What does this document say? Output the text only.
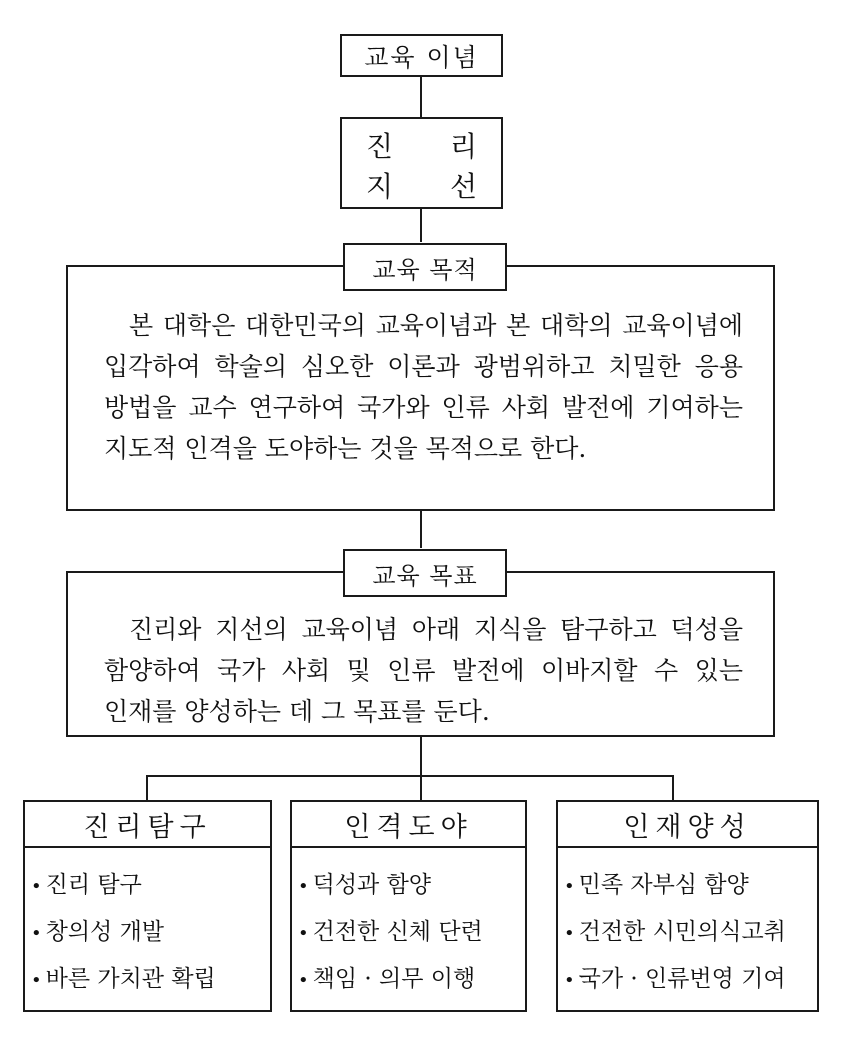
교육 이념
진	리
지	선
교육 목적
본 대학은 대한민국의 교육이념과 본 대학의 교육이념에 입각하여 학술의 심오한 이론과 광범위하고 치밀한 응용 방법을 교수 연구하여 국가와 인류 사회 발전에 기여하는 지도적 인격을 도야하는 것을 목적으로 한다.
교육 목표
진리와 지선의 교육이념 아래 지식을 탐구하고 덕성을 함양하여 국가 사회 및 인류 발전에 이바지할 수 있는 인재를 양성하는 데 그 목표를 둔다.
진리탐구
• 진리 탐구
• 창의성 개발
• 바른 가치관 확립
인격도야
• 덕성과 함양
• 건전한 신체 단련
• 책임 · 의무 이행
인재양성
• 민족 자부심 함양
• 건전한 시민의식고취
• 국가 · 인류번영 기여
